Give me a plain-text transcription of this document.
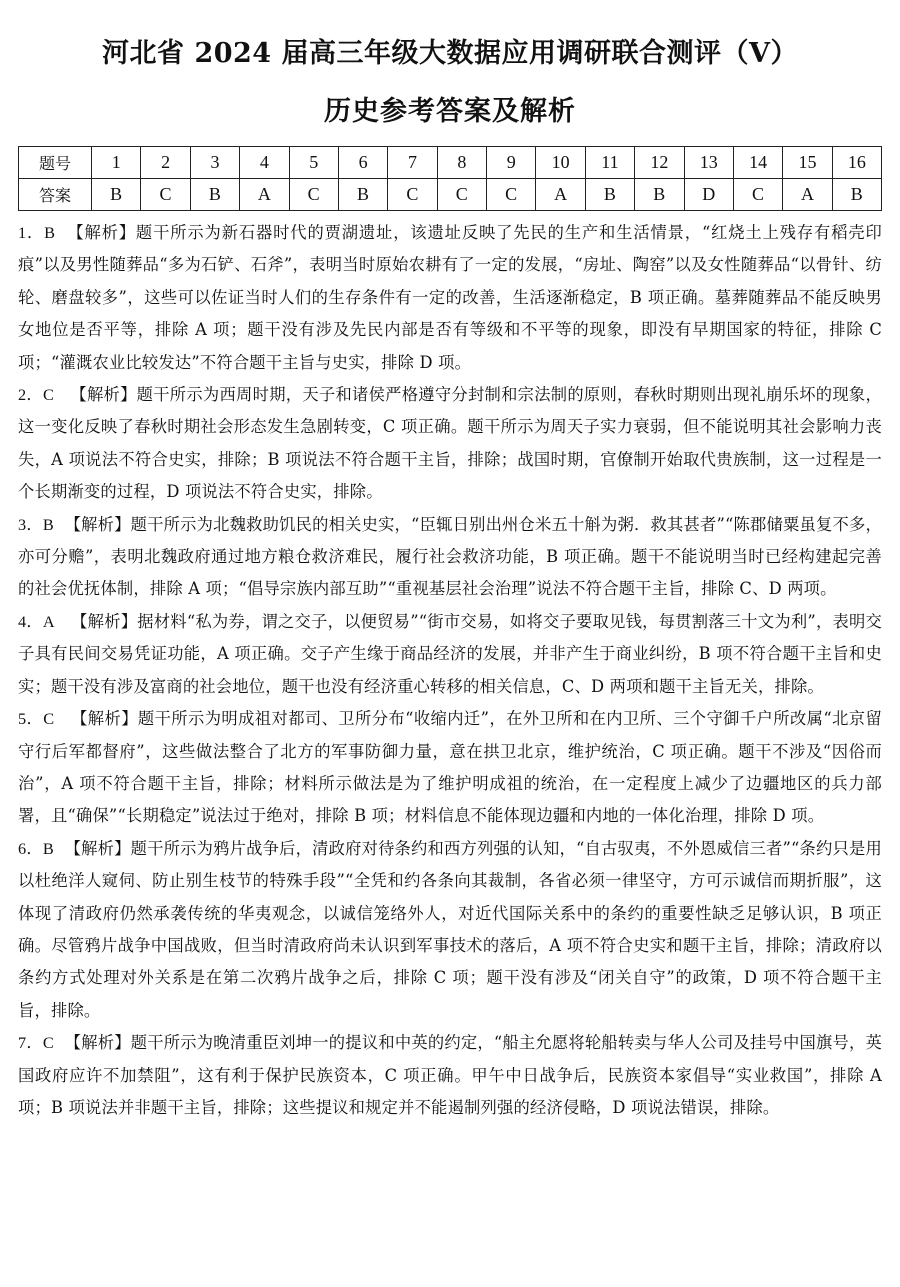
河北省 2024 届高三年级大数据应用调研联合测评（V）
历史参考答案及解析
题号	1	2	3	4	5	6	7	8	9	10	11	12	13	14	15	16
答案	B	C	B	A	C	B	C	C	C	A	B	B	D	C	A	B

1．B 【解析】题干所示为新石器时代的贾湖遗址，该遗址反映了先民的生产和生活情景，“红烧土上残存有稻壳印痕”以及男性随葬品“多为石铲、石斧”，表明当时原始农耕有了一定的发展，“房址、陶窑”以及女性随葬品“以骨针、纺轮、磨盘较多”，这些可以佐证当时人们的生存条件有一定的改善，生活逐渐稳定，B 项正确。墓葬随葬品不能反映男女地位是否平等，排除 A 项；题干没有涉及先民内部是否有等级和不平等的现象，即没有早期国家的特征，排除 C 项；“灌溉农业比较发达”不符合题干主旨与史实，排除 D 项。

2．C 【解析】题干所示为西周时期，天子和诸侯严格遵守分封制和宗法制的原则，春秋时期则出现礼崩乐坏的现象，这一变化反映了春秋时期社会形态发生急剧转变，C 项正确。题干所示为周天子实力衰弱，但不能说明其社会影响力丧失，A 项说法不符合史实，排除；B 项说法不符合题干主旨，排除；战国时期，官僚制开始取代贵族制，这一过程是一个长期渐变的过程，D 项说法不符合史实，排除。

3．B 【解析】题干所示为北魏救助饥民的相关史实，“臣辄日别出州仓米五十斛为粥．救其甚者”“陈郡储粟虽复不多，亦可分赡”，表明北魏政府通过地方粮仓救济难民，履行社会救济功能，B 项正确。题干不能说明当时已经构建起完善的社会优抚体制，排除 A 项；“倡导宗族内部互助”“重视基层社会治理”说法不符合题干主旨，排除 C、D 两项。

4．A 【解析】据材料“私为券，谓之交子，以便贸易”“街市交易，如将交子要取见钱，每贯割落三十文为利”，表明交子具有民间交易凭证功能，A 项正确。交子产生缘于商品经济的发展，并非产生于商业纠纷，B 项不符合题干主旨和史实；题干没有涉及富商的社会地位，题干也没有经济重心转移的相关信息，C、D 两项和题干主旨无关，排除。

5．C 【解析】题干所示为明成祖对都司、卫所分布“收缩内迁”，在外卫所和在内卫所、三个守御千户所改属“北京留守行后军都督府”，这些做法整合了北方的军事防御力量，意在拱卫北京，维护统治，C 项正确。题干不涉及“因俗而治”，A 项不符合题干主旨，排除；材料所示做法是为了维护明成祖的统治，在一定程度上减少了边疆地区的兵力部署，且“确保”“长期稳定”说法过于绝对，排除 B 项；材料信息不能体现边疆和内地的一体化治理，排除 D 项。

6．B 【解析】题干所示为鸦片战争后，清政府对待条约和西方列强的认知，“自古驭夷，不外恩威信三者”“条约只是用以杜绝洋人窥伺、防止别生枝节的特殊手段”“全凭和约各条向其裁制，各省必须一律坚守，方可示诚信而期折服”，这体现了清政府仍然承袭传统的华夷观念，以诚信笼络外人，对近代国际关系中的条约的重要性缺乏足够认识，B 项正确。尽管鸦片战争中国战败，但当时清政府尚未认识到军事技术的落后，A 项不符合史实和题干主旨，排除；清政府以条约方式处理对外关系是在第二次鸦片战争之后，排除 C 项；题干没有涉及“闭关自守”的政策，D 项不符合题干主旨，排除。

7．C 【解析】题干所示为晚清重臣刘坤一的提议和中英的约定，“船主允愿将轮船转卖与华人公司及挂号中国旗号，英国政府应许不加禁阻”，这有利于保护民族资本，C 项正确。甲午中日战争后，民族资本家倡导“实业救国”，排除 A 项；B 项说法并非题干主旨，排除；这些提议和规定并不能遏制列强的经济侵略，D 项说法错误，排除。
